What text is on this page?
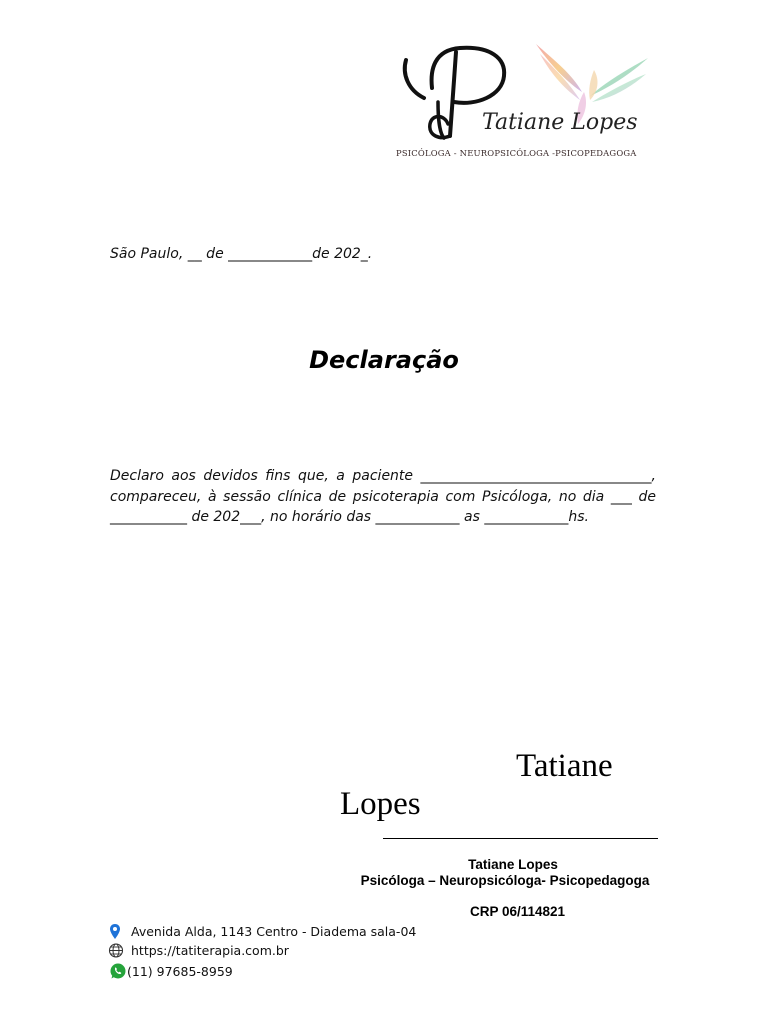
Tatiane Lopes
PSICÓLOGA - NEUROPSICÓLOGA -PSICOPEDAGOGA
São Paulo, __ de ____________de 202_.
Declaração

Declaro aos devidos fins que, a paciente _________________________________, compareceu, à sessão clínica de psicoterapia com Psicóloga, no dia ___ de ___________ de 202___, no horário das ____________ as ____________hs.

Tatiane
Lopes
Tatiane Lopes
Psicóloga – Neuropsicóloga- Psicopedagoga
CRP 06/114821
Avenida Alda, 1143 Centro - Diadema sala-04
https://tatiterapia.com.br
(11) 97685-8959
